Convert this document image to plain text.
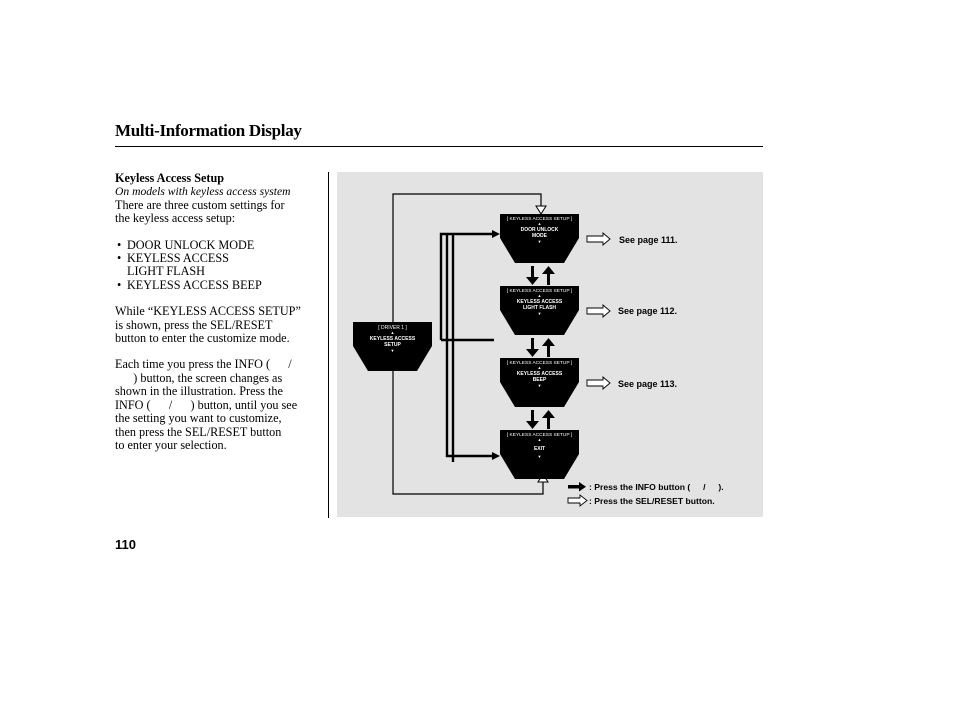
Multi-Information Display
Keyless Access Setup
On models with keyless access system

There are three custom settings for
the keyless access setup:

• DOOR UNLOCK MODE
• KEYLESS ACCESS
LIGHT FLASH
• KEYLESS ACCESS BEEP

While “KEYLESS ACCESS SETUP”
is shown, press the SEL/RESET
button to enter the customize mode.

Each time you press the INFO (  /
  ) button, the screen changes as
shown in the illustration. Press the
INFO (  /  ) button, until you see
the setting you want to customize,
then press the SEL/RESET button
to enter your selection.

[ DRIVER 1 ]
▲
KEYLESS ACCESS
SETUP
▼
[ KEYLESS ACCESS SETUP ]
▲
DOOR UNLOCK
MODE
▼	See page 111.
[ KEYLESS ACCESS SETUP ]
▲
KEYLESS ACCESS
LIGHT FLASH
▼	See page 112.
[ KEYLESS ACCESS SETUP ]
▲
KEYLESS ACCESS
BEEP
▼	See page 113.
[ KEYLESS ACCESS SETUP ]
▲
EXIT
▼
: Press the INFO button (  /  ).
: Press the SEL/RESET button.
110
